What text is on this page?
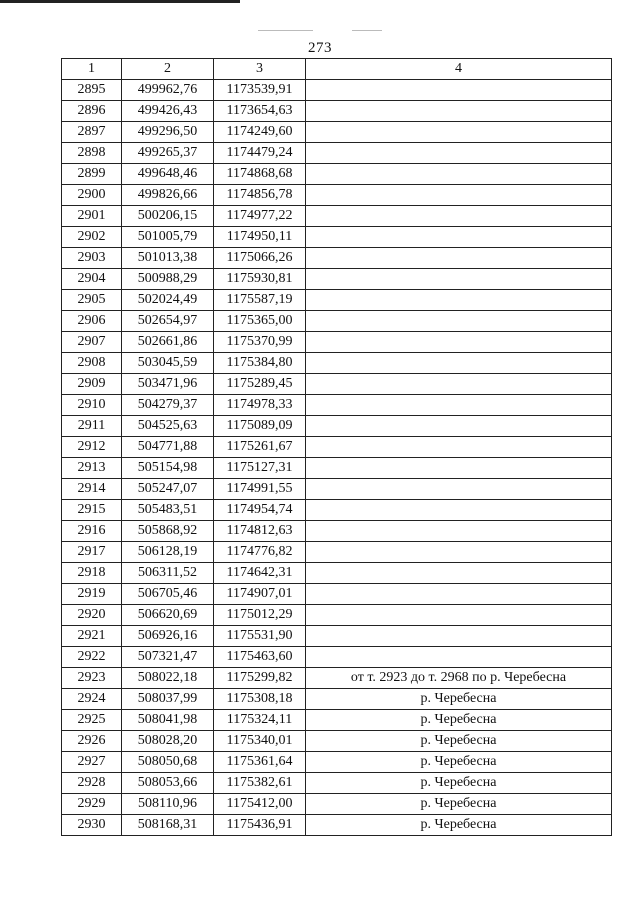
273
1	2	3	4
2895	499962,76	1173539,91	
2896	499426,43	1173654,63	
2897	499296,50	1174249,60	
2898	499265,37	1174479,24	
2899	499648,46	1174868,68	
2900	499826,66	1174856,78	
2901	500206,15	1174977,22	
2902	501005,79	1174950,11	
2903	501013,38	1175066,26	
2904	500988,29	1175930,81	
2905	502024,49	1175587,19	
2906	502654,97	1175365,00	
2907	502661,86	1175370,99	
2908	503045,59	1175384,80	
2909	503471,96	1175289,45	
2910	504279,37	1174978,33	
2911	504525,63	1175089,09	
2912	504771,88	1175261,67	
2913	505154,98	1175127,31	
2914	505247,07	1174991,55	
2915	505483,51	1174954,74	
2916	505868,92	1174812,63	
2917	506128,19	1174776,82	
2918	506311,52	1174642,31	
2919	506705,46	1174907,01	
2920	506620,69	1175012,29	
2921	506926,16	1175531,90	
2922	507321,47	1175463,60	
2923	508022,18	1175299,82	от т. 2923 до т. 2968 по р. Черебесна
2924	508037,99	1175308,18	р. Черебесна
2925	508041,98	1175324,11	р. Черебесна
2926	508028,20	1175340,01	р. Черебесна
2927	508050,68	1175361,64	р. Черебесна
2928	508053,66	1175382,61	р. Черебесна
2929	508110,96	1175412,00	р. Черебесна
2930	508168,31	1175436,91	р. Черебесна
